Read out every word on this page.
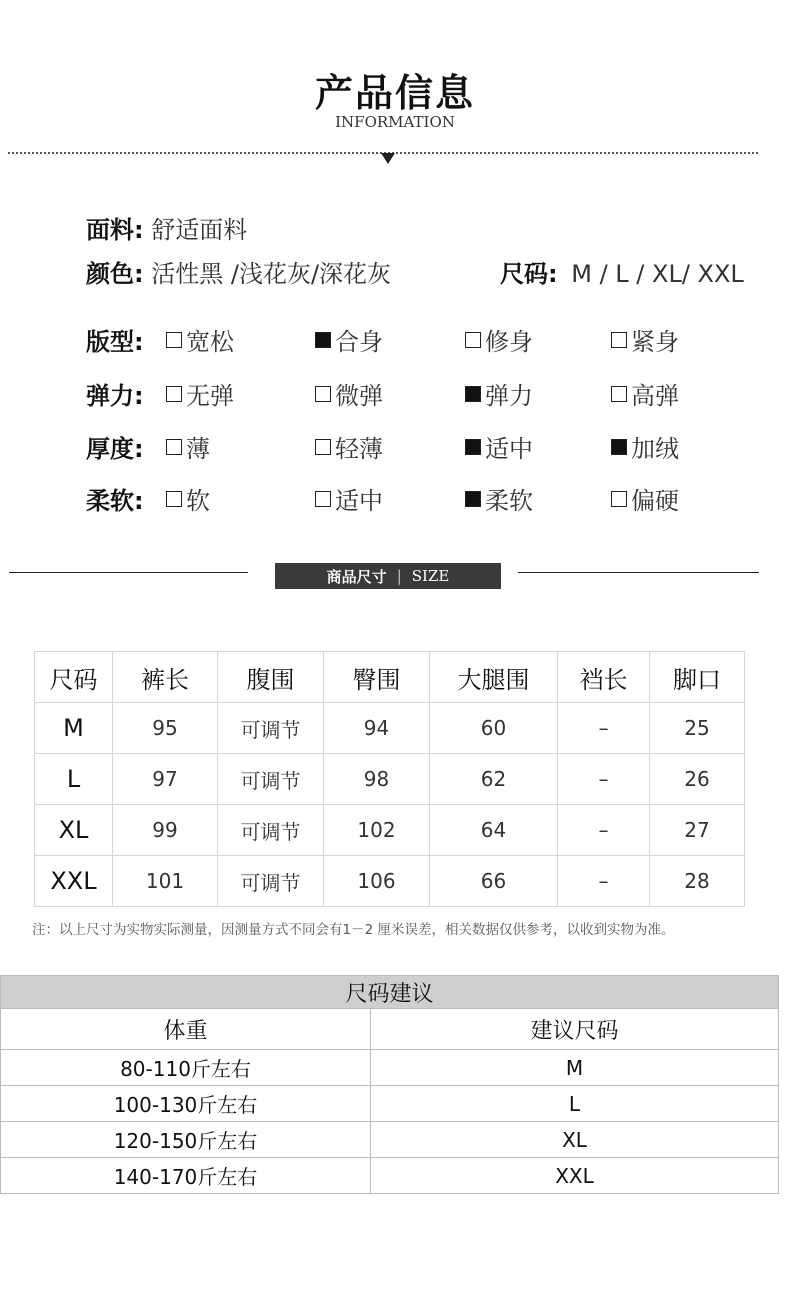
产品信息
INFORMATION
面料: 舒适面料
颜色: 活性黑 /浅花灰/深花灰	尺码: M / L / XL/ XXL
版型: 宽松	合身	修身	紧身
弹力: 无弹	微弹	弹力	高弹
厚度: 薄	轻薄	适中	加绒
柔软: 软	适中	柔软	偏硬
商品尺寸 | SIZE
尺码	裤长	腹围	臀围	大腿围	裆长	脚口
M	95	可调节	94	60	–	25
L	97	可调节	98	62	–	26
XL	99	可调节	102	64	–	27
XXL	101	可调节	106	66	–	28
注：以上尺寸为实物实际测量，因测量方式不同会有1－2 厘米误差，相关数据仅供参考，以收到实物为准。
尺码建议	
体重	建议尺码
80-110斤左右	M
100-130斤左右	L
120-150斤左右	XL
140-170斤左右	XXL
